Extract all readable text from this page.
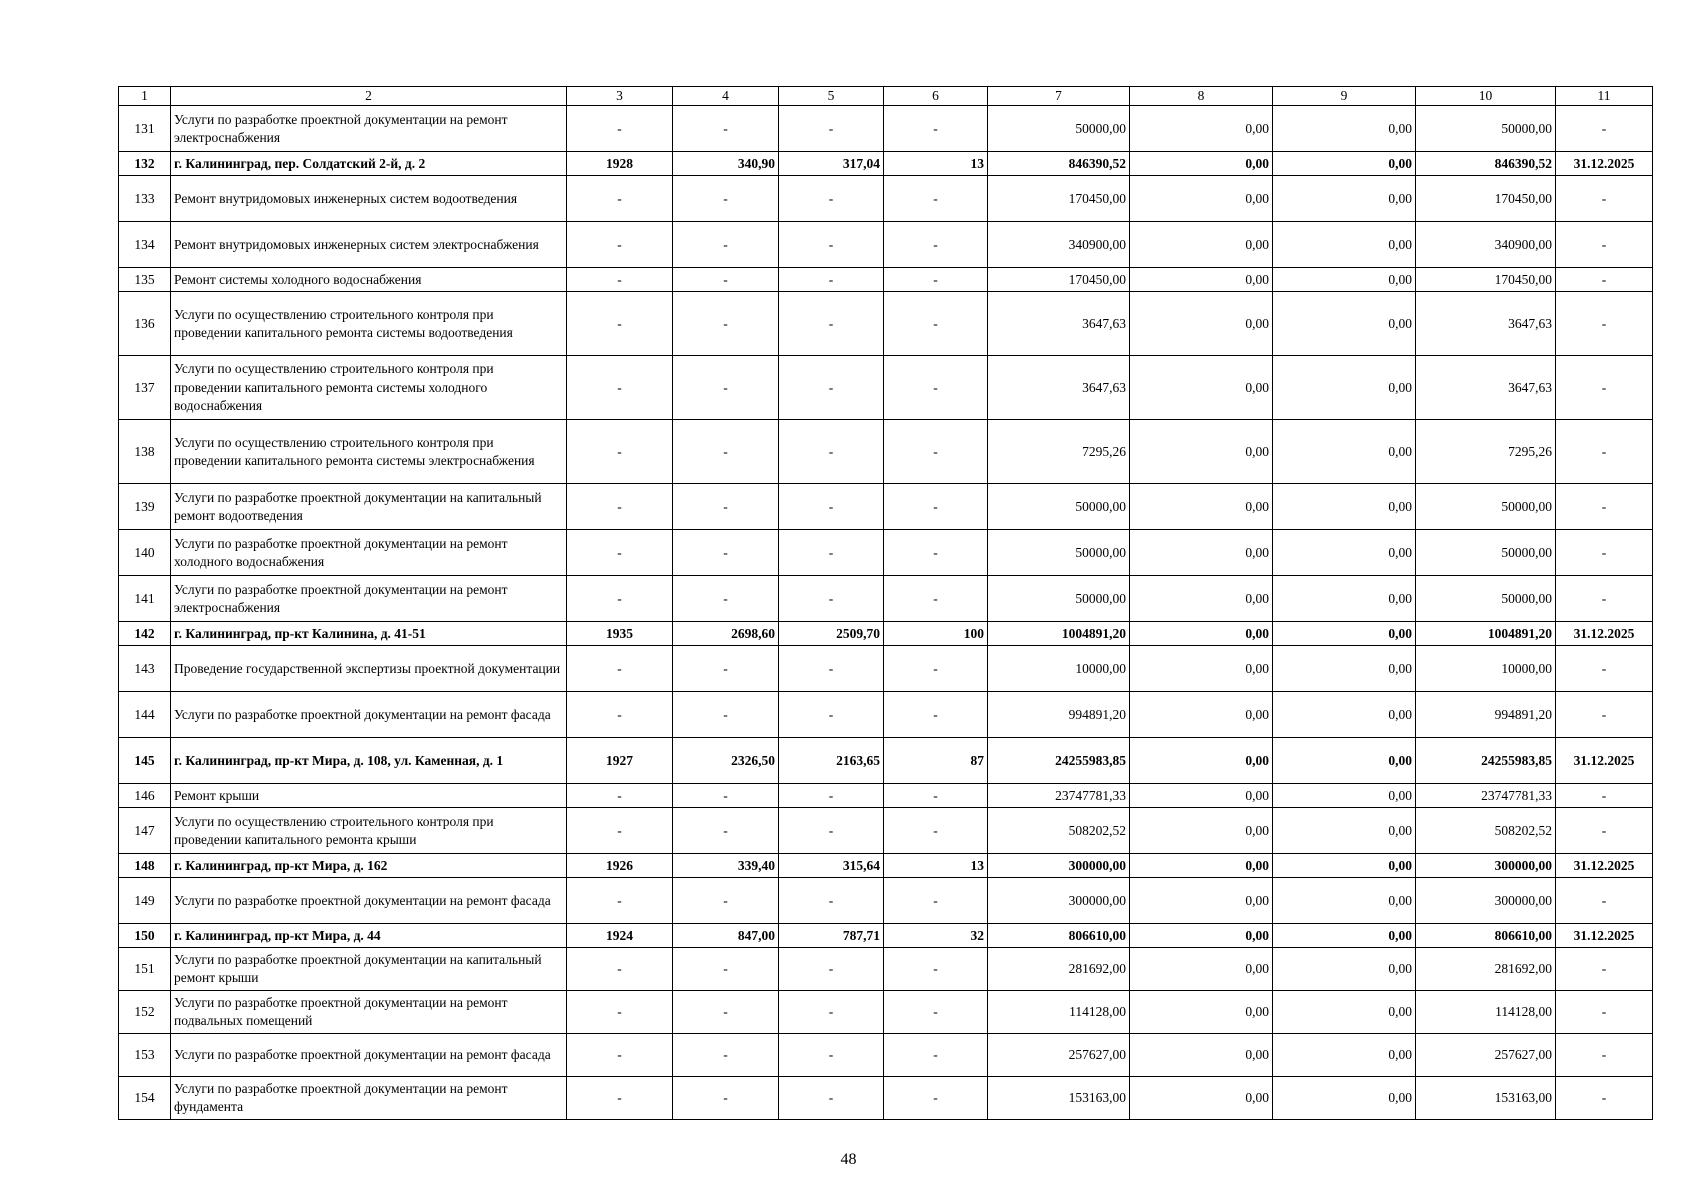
1	2	3	4	5	6	7	8	9	10	11
131	Услуги по разработке проектной документации на ремонт электроснабжения	-	-	-	-	50000,00	0,00	0,00	50000,00	-
132	г. Калининград, пер. Солдатский 2-й, д. 2	1928	340,90	317,04	13	846390,52	0,00	0,00	846390,52	31.12.2025
133	Ремонт внутридомовых инженерных систем водоотведения	-	-	-	-	170450,00	0,00	0,00	170450,00	-
134	Ремонт внутридомовых инженерных систем электроснабжения	-	-	-	-	340900,00	0,00	0,00	340900,00	-
135	Ремонт системы холодного водоснабжения	-	-	-	-	170450,00	0,00	0,00	170450,00	-
136	Услуги по осуществлению строительного контроля при проведении капитального ремонта системы водоотведения	-	-	-	-	3647,63	0,00	0,00	3647,63	-
137	Услуги по осуществлению строительного контроля при проведении капитального ремонта системы холодного водоснабжения	-	-	-	-	3647,63	0,00	0,00	3647,63	-
138	Услуги по осуществлению строительного контроля при проведении капитального ремонта системы электроснабжения	-	-	-	-	7295,26	0,00	0,00	7295,26	-
139	Услуги по разработке проектной документации на капитальный ремонт водоотведения	-	-	-	-	50000,00	0,00	0,00	50000,00	-
140	Услуги по разработке проектной документации на ремонт холодного водоснабжения	-	-	-	-	50000,00	0,00	0,00	50000,00	-
141	Услуги по разработке проектной документации на ремонт электроснабжения	-	-	-	-	50000,00	0,00	0,00	50000,00	-
142	г. Калининград, пр-кт Калинина, д. 41-51	1935	2698,60	2509,70	100	1004891,20	0,00	0,00	1004891,20	31.12.2025
143	Проведение государственной экспертизы проектной документации	-	-	-	-	10000,00	0,00	0,00	10000,00	-
144	Услуги по разработке проектной документации на ремонт фасада	-	-	-	-	994891,20	0,00	0,00	994891,20	-
145	г. Калининград, пр-кт Мира, д. 108, ул. Каменная, д. 1	1927	2326,50	2163,65	87	24255983,85	0,00	0,00	24255983,85	31.12.2025
146	Ремонт крыши	-	-	-	-	23747781,33	0,00	0,00	23747781,33	-
147	Услуги по осуществлению строительного контроля при проведении капитального ремонта крыши	-	-	-	-	508202,52	0,00	0,00	508202,52	-
148	г. Калининград, пр-кт Мира, д. 162	1926	339,40	315,64	13	300000,00	0,00	0,00	300000,00	31.12.2025
149	Услуги по разработке проектной документации на ремонт фасада	-	-	-	-	300000,00	0,00	0,00	300000,00	-
150	г. Калининград, пр-кт Мира, д. 44	1924	847,00	787,71	32	806610,00	0,00	0,00	806610,00	31.12.2025
151	Услуги по разработке проектной документации на капитальный ремонт крыши	-	-	-	-	281692,00	0,00	0,00	281692,00	-
152	Услуги по разработке проектной документации на ремонт подвальных помещений	-	-	-	-	114128,00	0,00	0,00	114128,00	-
153	Услуги по разработке проектной документации на ремонт фасада	-	-	-	-	257627,00	0,00	0,00	257627,00	-
154	Услуги по разработке проектной документации на ремонт фундамента	-	-	-	-	153163,00	0,00	0,00	153163,00	-
48
